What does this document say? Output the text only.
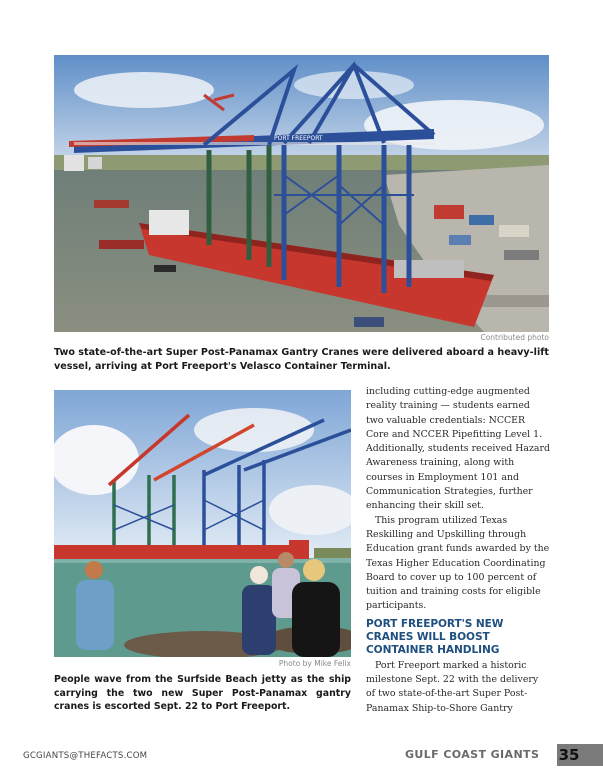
PORT FREEPORT
Contributed photo
Two state-of-the-art Super Post-Panamax Gantry Cranes were delivered aboard a heavy-lift vessel, arriving at Port Freeport's Velasco Container Terminal.
Photo by Mike Felix
People wave from the Surfside Beach jetty as the ship carrying the two new Super Post-Panamax gantry cranes is escorted Sept. 22 to Port Freeport.

including cutting-edge augmented reality training — students earned two valuable credentials: NCCER Core and NCCER Pipefitting Level 1. Additionally, students received Hazard Awareness training, along with courses in Employment 101 and Communication Strategies, further enhancing their skill set.

This program utilized Texas Reskilling and Upskilling through Education grant funds awarded by the Texas Higher Education Coordinating Board to cover up to 100 percent of tuition and training costs for eligible participants.

PORT FREEPORT'S NEW CRANES WILL BOOST CONTAINER HANDLING

Port Freeport marked a historic milestone Sept. 22 with the delivery of two state-of-the-art Super Post-Panamax Ship-to-Shore Gantry

GCGIANTS@THEFACTS.COM	GULF COAST GIANTS 35
